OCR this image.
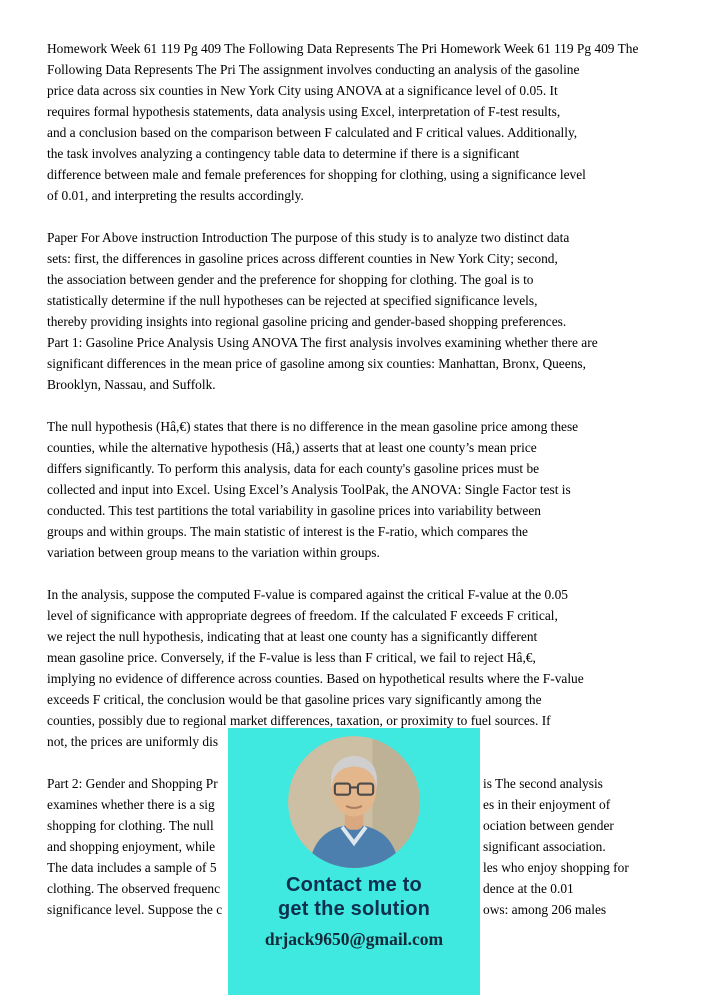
Homework Week 61 119 Pg 409 The Following Data Represents The Pri Homework Week 61 119 Pg 409 The
Following Data Represents The Pri The assignment involves conducting an analysis of the gasoline
price data across six counties in New York City using ANOVA at a significance level of 0.05. It
requires formal hypothesis statements, data analysis using Excel, interpretation of F-test results,
and a conclusion based on the comparison between F calculated and F critical values. Additionally,
the task involves analyzing a contingency table data to determine if there is a significant
difference between male and female preferences for shopping for clothing, using a significance level
of 0.01, and interpreting the results accordingly.
Paper For Above instruction Introduction The purpose of this study is to analyze two distinct data
sets: first, the differences in gasoline prices across different counties in New York City; second,
the association between gender and the preference for shopping for clothing. The goal is to
statistically determine if the null hypotheses can be rejected at specified significance levels,
thereby providing insights into regional gasoline pricing and gender-based shopping preferences.
Part 1: Gasoline Price Analysis Using ANOVA The first analysis involves examining whether there are
significant differences in the mean price of gasoline among six counties: Manhattan, Bronx, Queens,
Brooklyn, Nassau, and Suffolk.
The null hypothesis (Hâ,€) states that there is no difference in the mean gasoline price among these
counties, while the alternative hypothesis (Hâ,) asserts that at least one county’s mean price
differs significantly. To perform this analysis, data for each county's gasoline prices must be
collected and input into Excel. Using Excel’s Analysis ToolPak, the ANOVA: Single Factor test is
conducted. This test partitions the total variability in gasoline prices into variability between
groups and within groups. The main statistic of interest is the F-ratio, which compares the
variation between group means to the variation within groups.
In the analysis, suppose the computed F-value is compared against the critical F-value at the 0.05
level of significance with appropriate degrees of freedom. If the calculated F exceeds F critical,
we reject the null hypothesis, indicating that at least one county has a significantly different
mean gasoline price. Conversely, if the F-value is less than F critical, we fail to reject Hâ,€,
implying no evidence of difference across counties. Based on hypothetical results where the F-value
exceeds F critical, the conclusion would be that gasoline prices vary significantly among the
counties, possibly due to regional market differences, taxation, or proximity to fuel sources. If
not, the prices are uniformly dis
Part 2: Gender and Shopping Pr	is The second analysis
examines whether there is a sig	es in their enjoyment of
shopping for clothing. The null	ociation between gender
and shopping enjoyment, while	significant association.
The data includes a sample of 5	les who enjoy shopping for
clothing. The observed frequenc	dence at the 0.01
significance level. Suppose the c	ows: among 206 males
Contact me to
get the solution
drjack9650@gmail.com
